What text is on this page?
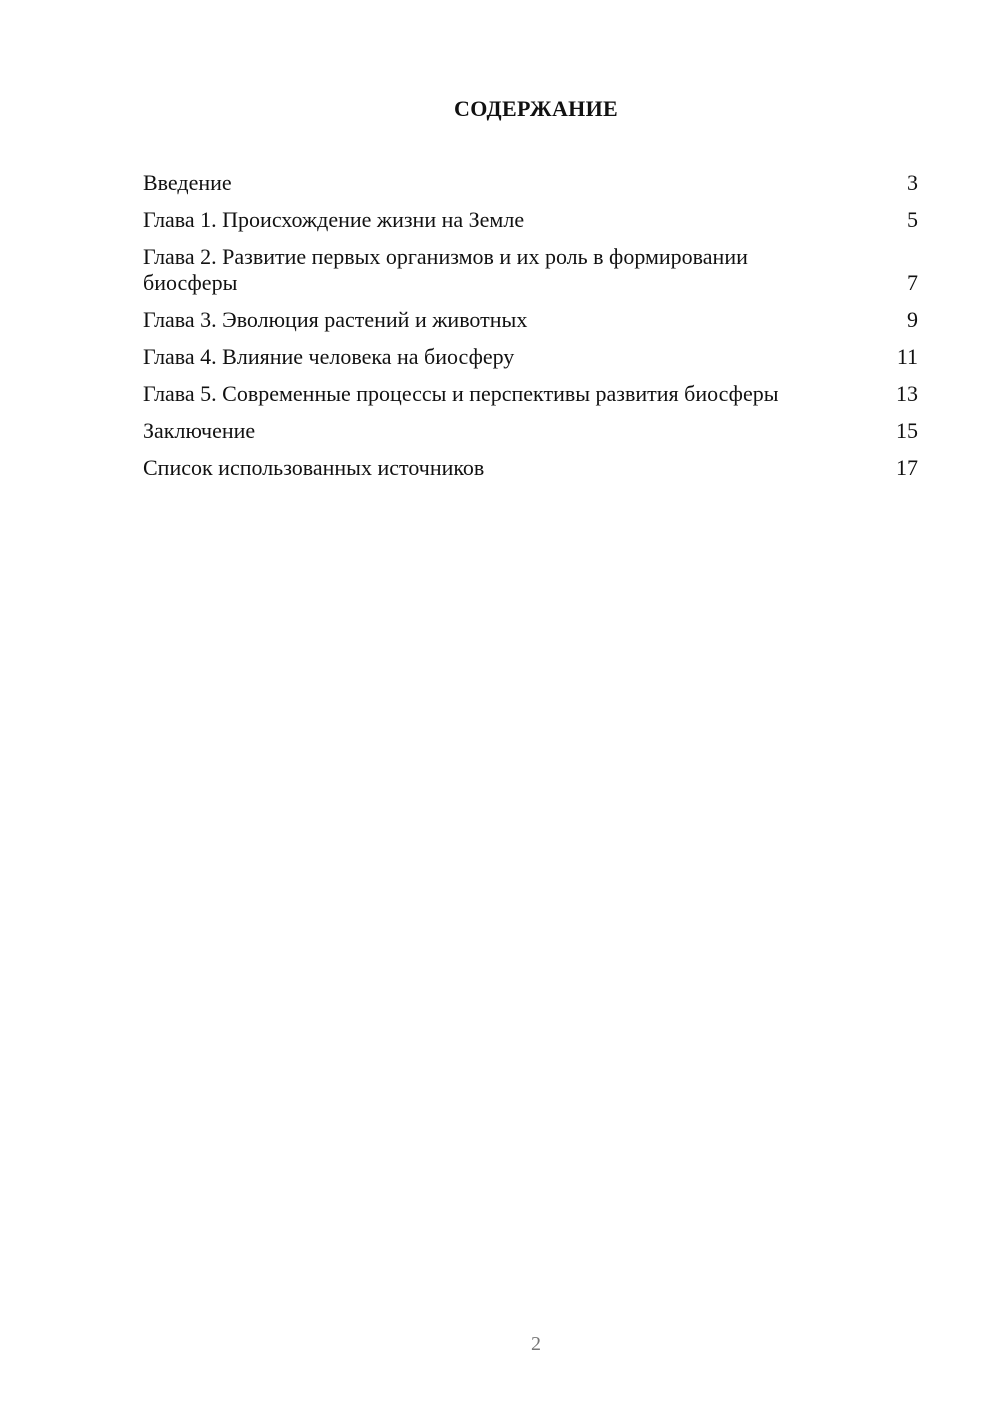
СОДЕРЖАНИЕ
Введение	3
Глава 1. Происхождение жизни на Земле	5
Глава 2. Развитие первых организмов и их роль в формировании биосферы	7
Глава 3. Эволюция растений и животных	9
Глава 4. Влияние человека на биосферу	11
Глава 5. Современные процессы и перспективы развития биосферы	13
Заключение	15
Список использованных источников	17
2
